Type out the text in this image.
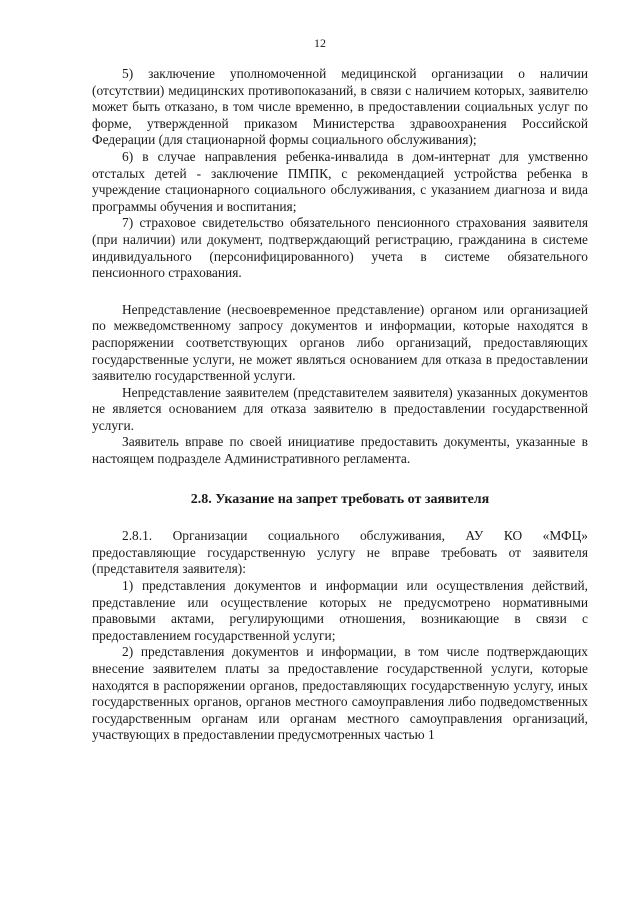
12

5) заключение уполномоченной медицинской организации о наличии (отсутствии) медицинских противопоказаний, в связи с наличием которых, заявителю может быть отказано, в том числе временно, в предоставлении социальных услуг по форме, утвержденной приказом Министерства здравоохранения Российской Федерации (для стационарной формы социального обслуживания);

6) в случае направления ребенка-инвалида в дом-интернат для умственно отсталых детей - заключение ПМПК, с рекомендацией устройства ребенка в учреждение стационарного социального обслуживания, с указанием диагноза и вида программы обучения и воспитания;

7) страховое свидетельство обязательного пенсионного страхования заявителя (при наличии) или документ, подтверждающий регистрацию, гражданина в системе индивидуального (персонифицированного) учета в системе обязательного пенсионного страхования.

Непредставление (несвоевременное представление) органом или организацией по межведомственному запросу документов и информации, которые находятся в распоряжении соответствующих органов либо организаций, предоставляющих государственные услуги, не может являться основанием для отказа в предоставлении заявителю государственной услуги.

Непредставление заявителем (представителем заявителя) указанных документов не является основанием для отказа заявителю в предоставлении государственной услуги.

Заявитель вправе по своей инициативе предоставить документы, указанные в настоящем подразделе Административного регламента.

2.8. Указание на запрет требовать от заявителя

2.8.1. Организации социального обслуживания, АУ КО «МФЦ» предоставляющие государственную услугу не вправе требовать от заявителя (представителя заявителя):

1) представления документов и информации или осуществления действий, представление или осуществление которых не предусмотрено нормативными правовыми актами, регулирующими отношения, возникающие в связи с предоставлением государственной услуги;

2) представления документов и информации, в том числе подтверждающих внесение заявителем платы за предоставление государственной услуги, которые находятся в распоряжении органов, предоставляющих государственную услугу, иных государственных органов, органов местного самоуправления либо подведомственных государственным органам или органам местного самоуправления организаций, участвующих в предоставлении предусмотренных частью 1
